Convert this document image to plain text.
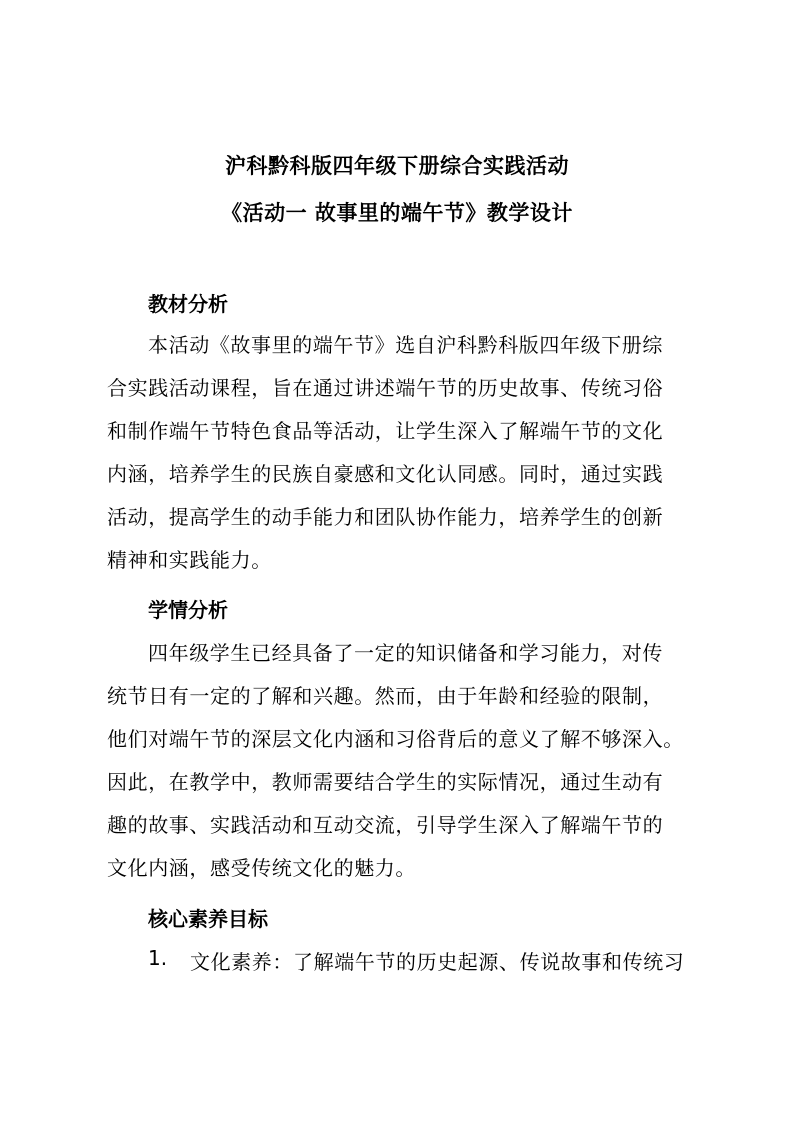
沪科黔科版四年级下册综合实践活动
《活动一 故事里的端午节》教学设计
教材分析
本活动《故事里的端午节》选自沪科黔科版四年级下册综
合实践活动课程，旨在通过讲述端午节的历史故事、传统习俗
和制作端午节特色食品等活动，让学生深入了解端午节的文化
内涵，培养学生的民族自豪感和文化认同感。同时，通过实践
活动，提高学生的动手能力和团队协作能力，培养学生的创新
精神和实践能力。
学情分析
四年级学生已经具备了一定的知识储备和学习能力，对传
统节日有一定的了解和兴趣。然而，由于年龄和经验的限制，
他们对端午节的深层文化内涵和习俗背后的意义了解不够深入。
因此，在教学中，教师需要结合学生的实际情况，通过生动有
趣的故事、实践活动和互动交流，引导学生深入了解端午节的
文化内涵，感受传统文化的魅力。
核心素养目标
1. 文化素养：了解端午节的历史起源、传说故事和传统习
